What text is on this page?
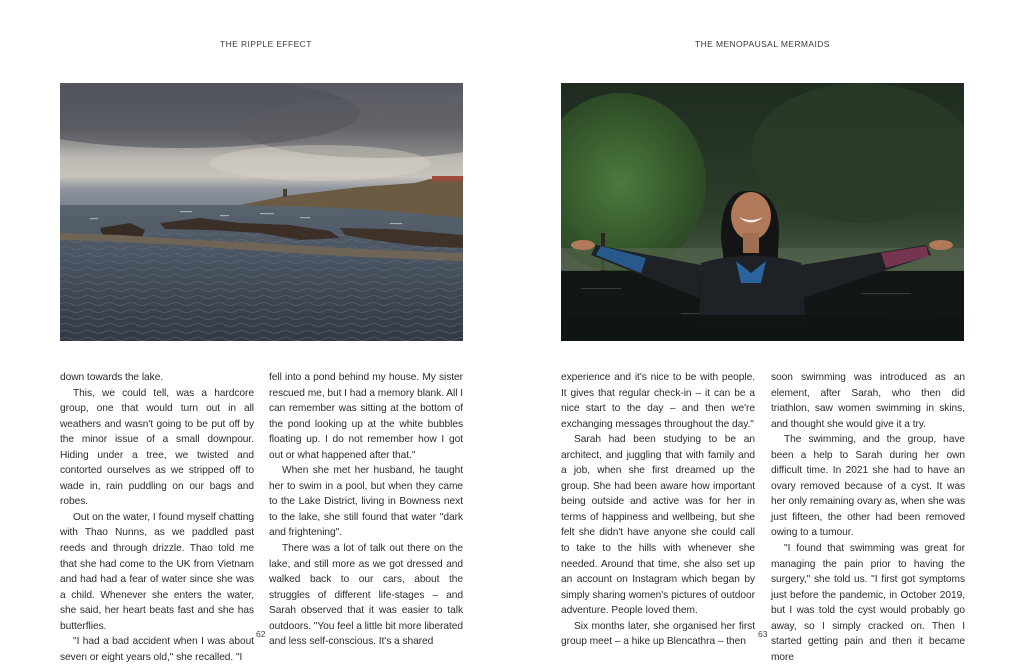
THE RIPPLE EFFECT

down towards the lake.

This, we could tell, was a hardcore group, one that would turn out in all weathers and wasn't going to be put off by the minor issue of a small downpour. Hiding under a tree, we twisted and contorted ourselves as we stripped off to wade in, rain puddling on our bags and robes.

Out on the water, I found myself chatting with Thao Nunns, as we paddled past reeds and through drizzle. Thao told me that she had come to the UK from Vietnam and had had a fear of water since she was a child. Whenever she enters the water, she said, her heart beats fast and she has butterflies.

"I had a bad accident when I was about seven or eight years old," she recalled. "I

fell into a pond behind my house. My sister rescued me, but I had a memory blank. All I can remember was sitting at the bottom of the pond looking up at the white bubbles floating up. I do not remember how I got out or what happened after that."

When she met her husband, he taught her to swim in a pool, but when they came to the Lake District, living in Bowness next to the lake, she still found that water "dark and frightening".

There was a lot of talk out there on the lake, and still more as we got dressed and walked back to our cars, about the struggles of different life-stages – and Sarah observed that it was easier to talk outdoors. "You feel a little bit more liberated and less self-conscious. It's a shared

62
THE MENOPAUSAL MERMAIDS

experience and it's nice to be with people. It gives that regular check-in – it can be a nice start to the day – and then we're exchanging messages throughout the day."

Sarah had been studying to be an architect, and juggling that with family and a job, when she first dreamed up the group. She had been aware how important being outside and active was for her in terms of happiness and wellbeing, but she felt she didn't have anyone she could call to take to the hills with whenever she needed. Around that time, she also set up an account on Instagram which began by simply sharing women's pictures of outdoor adventure. People loved them.

Six months later, she organised her first group meet – a hike up Blencathra – then

soon swimming was introduced as an element, after Sarah, who then did triathlon, saw women swimming in skins, and thought she would give it a try.

The swimming, and the group, have been a help to Sarah during her own difficult time. In 2021 she had to have an ovary removed because of a cyst. It was her only remaining ovary as, when she was just fifteen, the other had been removed owing to a tumour.

"I found that swimming was great for managing the pain prior to having the surgery," she told us. "I first got symptoms just before the pandemic, in October 2019, but I was told the cyst would probably go away, so I simply cracked on. Then I started getting pain and then it became more

63
